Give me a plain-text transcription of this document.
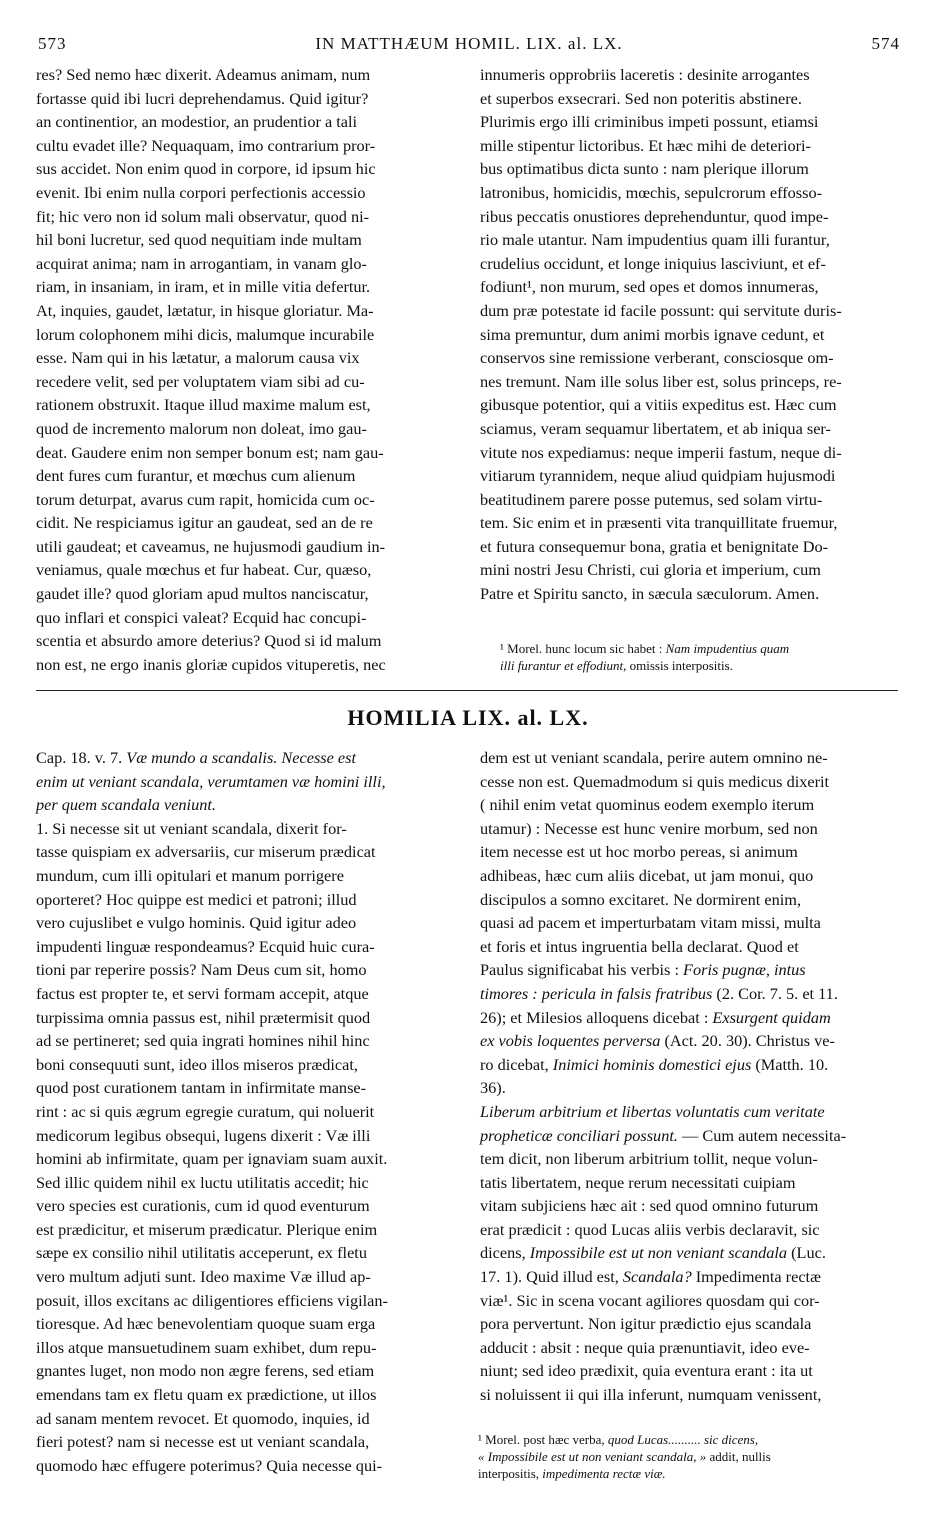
573	IN MATTHÆUM HOMIL. LIX. al. LX.	574
res? Sed nemo hæc dixerit. Adeamus animam, num
fortasse quid ibi lucri deprehendamus. Quid igitur?
an continentior, an modestior, an prudentior a tali
cultu evadet ille? Nequaquam, imo contrarium pror-
sus accidet. Non enim quod in corpore, id ipsum hic
evenit. Ibi enim nulla corpori perfectionis accessio
fit; hic vero non id solum mali observatur, quod ni-
hil boni lucretur, sed quod nequitiam inde multam
acquirat anima; nam in arrogantiam, in vanam glo-
riam, in insaniam, in iram, et in mille vitia defertur.
At, inquies, gaudet, lætatur, in hisque gloriatur. Ma-
lorum colophonem mihi dicis, malumque incurabile
esse. Nam qui in his lætatur, a malorum causa vix
recedere velit, sed per voluptatem viam sibi ad cu-
rationem obstruxit. Itaque illud maxime malum est,
quod de incremento malorum non doleat, imo gau-
deat. Gaudere enim non semper bonum est; nam gau-
dent fures cum furantur, et mœchus cum alienum
torum deturpat, avarus cum rapit, homicida cum oc-
cidit. Ne respiciamus igitur an gaudeat, sed an de re
utili gaudeat; et caveamus, ne hujusmodi gaudium in-
veniamus, quale mœchus et fur habeat. Cur, quæso,
gaudet ille? quod gloriam apud multos nanciscatur,
quo inflari et conspici valeat? Ecquid hac concupi-
scentia et absurdo amore deterius? Quod si id malum
non est, ne ergo inanis gloriæ cupidos vituperetis, nec
innumeris opprobriis laceretis : desinite arrogantes
et superbos exsecrari. Sed non poteritis abstinere.
Plurimis ergo illi criminibus impeti possunt, etiamsi
mille stipentur lictoribus. Et hæc mihi de deteriori-
bus optimatibus dicta sunto : nam plerique illorum
latronibus, homicidis, mœchis, sepulcrorum effosso-
ribus peccatis onustiores deprehenduntur, quod impe-
rio male utantur. Nam impudentius quam illi furantur,
crudelius occidunt, et longe iniquius lasciviunt, et ef-
fodiunt¹, non murum, sed opes et domos innumeras,
dum præ potestate id facile possunt: qui servitute duris-
sima premuntur, dum animi morbis ignave cedunt, et
conservos sine remissione verberant, consciosque om-
nes tremunt. Nam ille solus liber est, solus princeps, re-
gibusque potentior, qui a vitiis expeditus est. Hæc cum
sciamus, veram sequamur libertatem, et ab iniqua ser-
vitute nos expediamus: neque imperii fastum, neque di-
vitiarum tyrannidem, neque aliud quidpiam hujusmodi
beatitudinem parere posse putemus, sed solam virtu-
tem. Sic enim et in præsenti vita tranquillitate fruemur,
et futura consequemur bona, gratia et benignitate Do-
mini nostri Jesu Christi, cui gloria et imperium, cum
Patre et Spiritu sancto, in sæcula sæculorum. Amen.
¹ Morel. hunc locum sic habet : Nam impudentius quam
illi furantur et effodiunt, omissis interpositis.
HOMILIA LIX. al. LX.
Cap. 18. v. 7. Væ mundo a scandalis. Necesse est
enim ut veniant scandala, verumtamen væ homini illi,
per quem scandala veniunt.
1. Si necesse sit ut veniant scandala, dixerit for-
tasse quispiam ex adversariis, cur miserum prædicat
mundum, cum illi opitulari et manum porrigere
oporteret? Hoc quippe est medici et patroni; illud
vero cujuslibet e vulgo hominis. Quid igitur adeo
impudenti linguæ respondeamus? Ecquid huic cura-
tioni par reperire possis? Nam Deus cum sit, homo
factus est propter te, et servi formam accepit, atque
turpissima omnia passus est, nihil prætermisit quod
ad se pertineret; sed quia ingrati homines nihil hinc
boni consequuti sunt, ideo illos miseros prædicat,
quod post curationem tantam in infirmitate manse-
rint : ac si quis ægrum egregie curatum, qui noluerit
medicorum legibus obsequi, lugens dixerit : Væ illi
homini ab infirmitate, quam per ignaviam suam auxit.
Sed illic quidem nihil ex luctu utilitatis accedit; hic
vero species est curationis, cum id quod eventurum
est prædicitur, et miserum prædicatur. Plerique enim
sæpe ex consilio nihil utilitatis acceperunt, ex fletu
vero multum adjuti sunt. Ideo maxime Væ illud ap-
posuit, illos excitans ac diligentiores efficiens vigilan-
tioresque. Ad hæc benevolentiam quoque suam erga
illos atque mansuetudinem suam exhibet, dum repu-
gnantes luget, non modo non ægre ferens, sed etiam
emendans tam ex fletu quam ex prædictione, ut illos
ad sanam mentem revocet. Et quomodo, inquies, id
fieri potest? nam si necesse est ut veniant scandala,
quomodo hæc effugere poterimus? Quia necesse qui-
dem est ut veniant scandala, perire autem omnino ne-
cesse non est. Quemadmodum si quis medicus dixerit
( nihil enim vetat quominus eodem exemplo iterum
utamur) : Necesse est hunc venire morbum, sed non
item necesse est ut hoc morbo pereas, si animum
adhibeas, hæc cum aliis dicebat, ut jam monui, quo
discipulos a somno excitaret. Ne dormirent enim,
quasi ad pacem et imperturbatam vitam missi, multa
et foris et intus ingruentia bella declarat. Quod et
Paulus significabat his verbis : Foris pugnæ, intus
timores : pericula in falsis fratribus (2. Cor. 7. 5. et 11.
26); et Milesios alloquens dicebat : Exsurgent quidam
ex vobis loquentes perversa (Act. 20. 30). Christus ve-
ro dicebat, Inimici hominis domestici ejus (Matth. 10.
36).
Liberum arbitrium et libertas voluntatis cum veritate
propheticæ conciliari possunt. — Cum autem necessita-
tem dicit, non liberum arbitrium tollit, neque volun-
tatis libertatem, neque rerum necessitati cuipiam
vitam subjiciens hæc ait : sed quod omnino futurum
erat prædicit : quod Lucas aliis verbis declaravit, sic
dicens, Impossibile est ut non veniant scandala (Luc.
17. 1). Quid illud est, Scandala? Impedimenta rectæ
viæ¹. Sic in scena vocant agiliores quosdam qui cor-
pora pervertunt. Non igitur prædictio ejus scandala
adducit : absit : neque quia prænuntiavit, ideo eve-
niunt; sed ideo prædixit, quia eventura erant : ita ut
si noluissent ii qui illa inferunt, numquam venissent,
¹ Morel. post hæc verba, quod Lucas.......... sic dicens,
« Impossibile est ut non veniant scandala, » addit, nullis
interpositis, impedimenta rectæ viæ.
